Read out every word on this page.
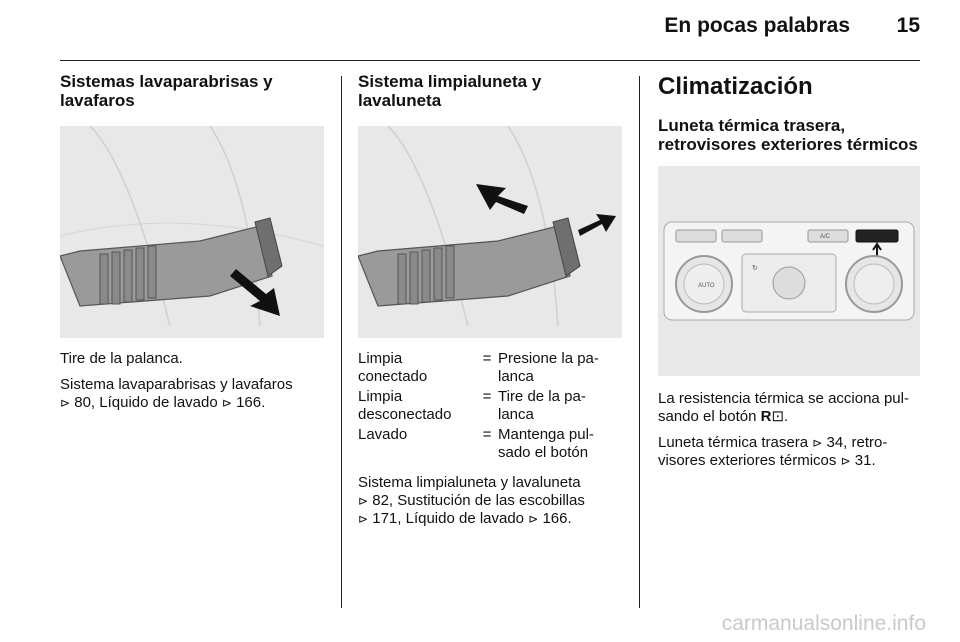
En pocas palabras	15
Sistemas lavaparabrisas y
lavafaros

Tire de la palanca.

Sistema lavaparabrisas y lavafaros
⊳ 80, Líquido de lavado ⊳ 166.

Sistema limpialuneta y
lavaluneta
Limpia
conectado
= Presione la pa-
lanca
Limpia
desconectado
= Tire de la pa-
lanca
Lavado	= Mantenga pul-
sado el botón

Sistema limpialuneta y lavaluneta
⊳ 82, Sustitución de las escobillas
⊳ 171, Líquido de lavado ⊳ 166.

Climatización
Luneta térmica trasera,
retrovisores exteriores térmicos
AUTO
A/C
↻

La resistencia térmica se acciona pul-
sando el botón R⊡.

Luneta térmica trasera ⊳ 34, retro-
visores exteriores térmicos ⊳ 31.

carmanualsonline.info
